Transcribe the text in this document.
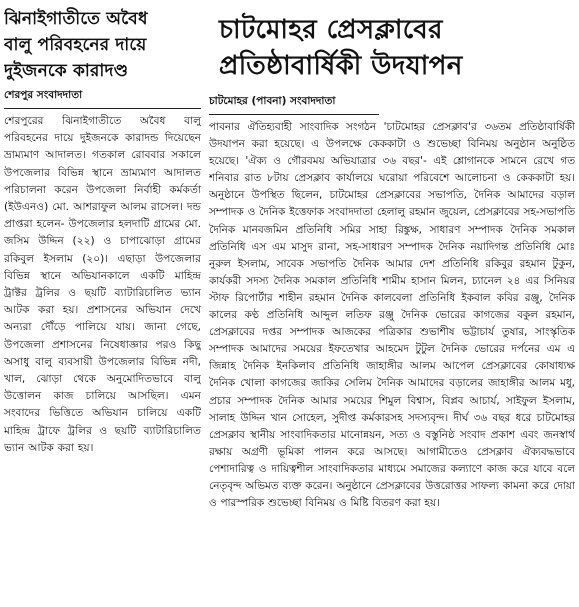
ঝিনাইগাতীতে অবৈধ
বালু পরিবহনের দায়ে
দুইজনকে কারাদণ্ড
শেরপুর সংবাদদাতা

শেরপুরের ঝিনাইগাতীতে অবৈধ বালু পরিবহনের দায়ে দুইজনকে কারাদন্ড দিয়েছেন ভ্রাম্যমাণ আদালত। গতকাল রোববার সকালে উপজেলার বিভিন্ন স্থানে ভ্রাম্যমাণ আদালত পরিচালনা করেন উপজেলা নির্বাহী কর্মকর্তা (ইউএনও) মো. আশরাফুল আলম রাসেল। দন্ড প্রাপ্তরা হলেন- উপজেলার হলদাটি গ্রামের মো. জসিম উদ্দিন (২২) ও চাপাঝোড়া গ্রামের রকিবুল ইসলাম (২০)। এছাড়া উপজেলার বিভিন্ন স্থানে অভিযানকালে একটি মাহিন্দ্র ট্রাক্টর ট্রলির ও ছয়টি ব্যাটারিচালিত ভ্যান আটক করা হয়। প্রশাসনের অভিযান দেখে অন্যরা দৌঁড়ে পালিয়ে যায়। জানা গেছে, উপজেলা প্রশাসনের নিষেধাজ্ঞার পরও কিছু অসাধু বালু ব্যবসায়ী উপজেলার বিভিন্ন নদী, খাল, ঝোড়া থেকে অনুমোদিতভাবে বালু উত্তোলন কাজ চালিয়ে আসছিল। এমন সংবাদের ভিত্তিতে অভিযান চালিয়ে একটি মাহিন্দ্র ট্রাফে ট্রলির ও ছয়টি ব্যাটারিচালিত ভ্যান আটক করা হয়।

চাটমোহর প্রেসক্লাবের
প্রতিষ্ঠাবার্ষিকী উদযাপন
চাটমোহর (পাবনা) সংবাদদাতা

পাবনার ঐতিহ্যবাহী সাংবাদিক সংগঠন 'চাটমোহর প্রেসক্লাব'র ৩৬তম প্রতিষ্ঠাবার্ষিকী উদযাপন করা হয়েছে। এ উপলক্ষে কেককাটা ও শুভেচ্ছা বিনিময় অনুষ্ঠান অনুষ্ঠিত হয়েছে। 'ঐক্য ও গৌরবময় অভিযাত্রার ৩৬ বছর'- এই শ্লোগানকে সামনে রেখে গত শনিবার রাত ৮টায় প্রেসক্লাব কার্যালয়ে ঘরোয়া পরিবেশে আলোচনা ও কেককাটা হয়। অনুষ্ঠানে উপস্থিত ছিলেন, চাটমোহর প্রেসক্লাবের সভাপতি, দৈনিক আমাদের বড়াল সম্পাদক ও দৈনিক ইত্তেফাক সংবাদদাতা হেলালু রহমান জুয়েল, প্রেসক্লাবের সহ-সভাপতি দৈনিক মানবজমিন প্রতিনিধি সমির সাহা রিঙ্কুক্ষ, সাধারণ সম্পাদক দৈনিক সমকাল প্রতিনিধি এস এম মাসুদ রানা, সহ-সাধারণ সম্পাদক দৈনিক নয়াদিগন্ত প্রতিনিধি মোঃ নুরুল ইসলাম, সাবেক সভাপতি দৈনিক আমার দেশ প্রতিনিধি রকিবুর রহমান টুকুন, কার্যকরী সদস্য দৈনিক সমকাল প্রতিনিধি শামীম হাসান মিলন, চ্যানেল ২৪ এর সিনিয়র স্টাফ রিপোর্টার শাহীন রহমান দৈনিক কালবেলা প্রতিনিধি ইকবাল কবির রঞ্জু, দৈনিক কালের কণ্ঠ প্রতিনিধি আব্দুল লতিফ রঞ্জু দৈনিক ভোরের কাগজের বকুল রহমান, প্রেসক্লাবের দপ্তর সম্পাদক আজকের পত্রিকার শুভাশীষ ভট্টাচার্য তুষার, সাংস্কৃতিক সম্পাদক আমাদের সময়ের ইফতেখার আহমেদ টুটুল দৈনিক ভোরের দর্পনের এম এ জিন্নাহ দৈনিক ইনকিলাব প্রতিনিধি জাহাঙ্গীর আলম আপেল প্রেসক্লাবের কোষাধ্যক্ষ দৈনিক খোলা কাগজের জাকির সেলিম দৈনিক আমাদের বড়ালের জাহাঙ্গীর আলম মধু, প্রচার সম্পাদক দৈনিক আমার সময়ের শিমুল বিশ্বাস, বিপ্লব আচার্য, সাইফুল ইসলাম, সালাহ উদ্দিন খান সোহেল, সুদীপ্ত কর্মকারসহ সদস্যবৃন্দ। দীর্ঘ ৩৬ বছর ধরে চাটমোহর প্রেসক্লাব স্থানীয় সাংবাদিকতার মানোন্নয়ন, সত্য ও বস্তুনিষ্ঠ সংবাদ প্রকাশ এবং জনস্বার্থ রক্ষায় অগ্রণী ভূমিকা পালন করে আসছে। আগামীতেও প্রেসক্লাব ঐক্যবদ্ধভাবে পেশাদারিত্ব ও দায়িত্বশীল সাংবাদিকতার মাধ্যমে সমাজের কল্যাণে কাজ করে যাবে বলে নেতৃবৃন্দ অভিমত ব্যক্ত করেন। অনুষ্ঠানে প্রেসক্লাবের উত্তরোত্তর সাফল্য কামনা করে দোয়া ও পারস্পরিক শুভেচ্ছা বিনিময় ও মিষ্টি বিতরণ করা হয়।
